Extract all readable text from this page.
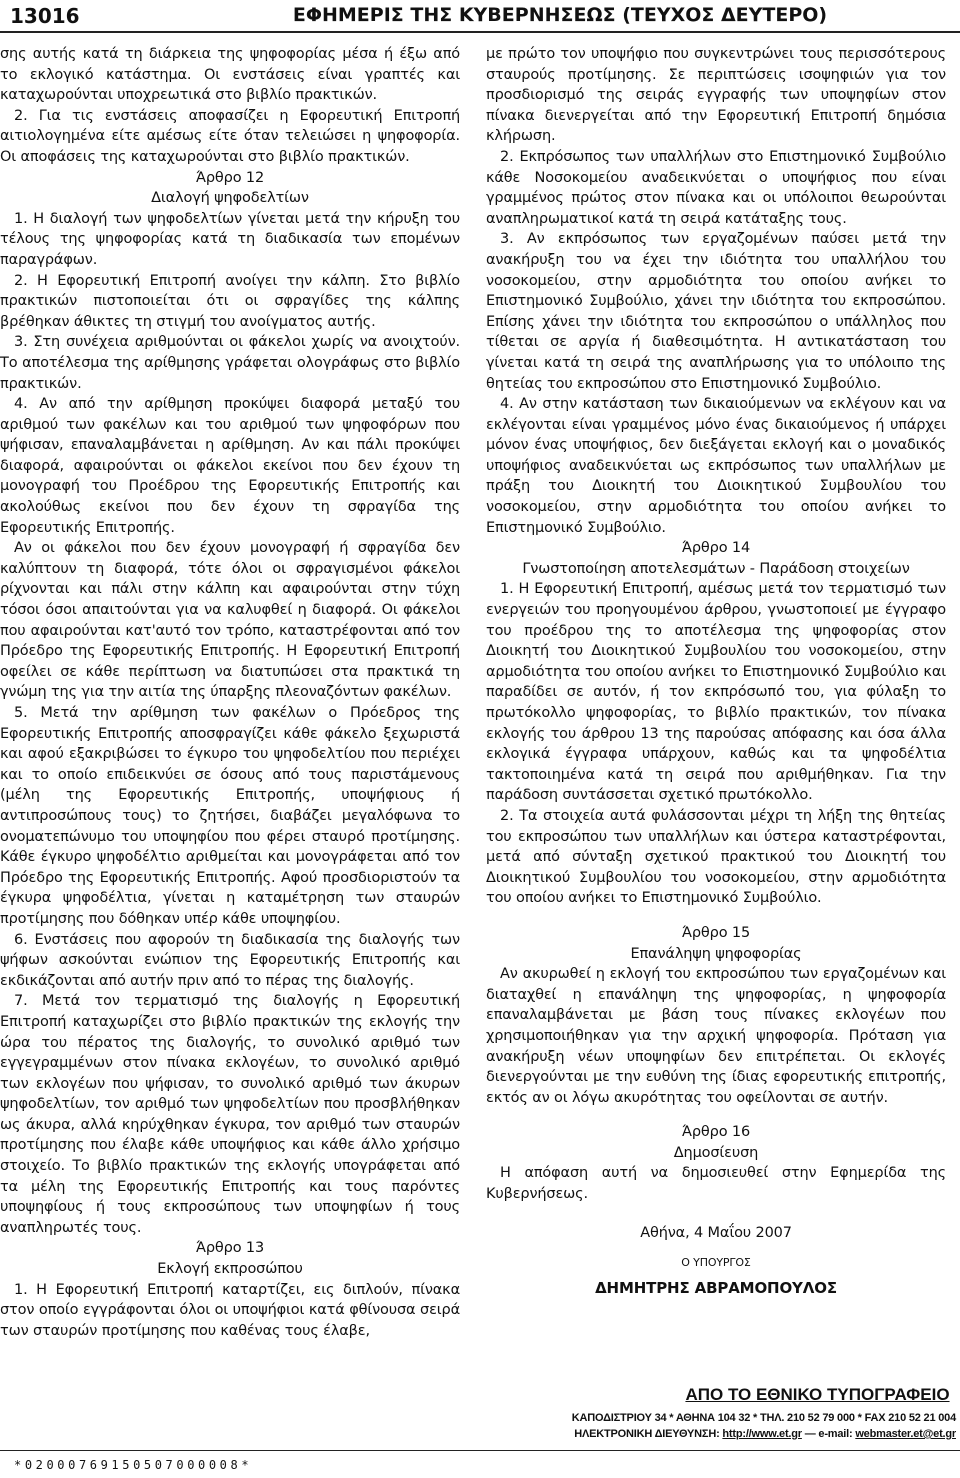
13016	ΕΦΗΜΕΡΙΣ ΤΗΣ ΚΥΒΕΡΝΗΣΕΩΣ (ΤΕΥΧΟΣ ΔΕΥΤΕΡΟ)

σης αυτής κατά τη διάρκεια της ψηφοφορίας μέσα ή έξω από το εκλογικό κατάστημα. Οι ενστάσεις είναι γραπτές και καταχωρούνται υποχρεωτικά στο βιβλίο πρακτικών.

2. Για τις ενστάσεις αποφασίζει η Εφορευτική Επιτροπή αιτιολογημένα είτε αμέσως είτε όταν τελειώσει η ψηφοφορία. Οι αποφάσεις της καταχωρούνται στο βιβλίο πρακτικών.

Άρθρο 12

Διαλογή ψηφοδελτίων

1. Η διαλογή των ψηφοδελτίων γίνεται μετά την κήρυξη του τέλους της ψηφοφορίας κατά τη διαδικασία των επομένων παραγράφων.

2. Η Εφορευτική Επιτροπή ανοίγει την κάλπη. Στο βιβλίο πρακτικών πιστοποιείται ότι οι σφραγίδες της κάλπης βρέθηκαν άθικτες τη στιγμή του ανοίγματος αυτής.

3. Στη συνέχεια αριθμούνται οι φάκελοι χωρίς να ανοιχτούν. Το αποτέλεσμα της αρίθμησης γράφεται ολογράφως στο βιβλίο πρακτικών.

4. Αν από την αρίθμηση προκύψει διαφορά μεταξύ του αριθμού των φακέλων και του αριθμού των ψηφοφόρων που ψήφισαν, επαναλαμβάνεται η αρίθμηση. Αν και πάλι προκύψει διαφορά, αφαιρούνται οι φάκελοι εκείνοι που δεν έχουν τη μονογραφή του Προέδρου της Εφορευτικής Επιτροπής και ακολούθως εκείνοι που δεν έχουν τη σφραγίδα της Εφορευτικής Επιτροπής.

Αν οι φάκελοι που δεν έχουν μονογραφή ή σφραγίδα δεν καλύπτουν τη διαφορά, τότε όλοι οι σφραγισμένοι φάκελοι ρίχνονται και πάλι στην κάλπη και αφαιρούνται στην τύχη τόσοι όσοι απαιτούνται για να καλυφθεί η διαφορά. Οι φάκελοι που αφαιρούνται κατ'αυτό τον τρόπο, καταστρέφονται από τον Πρόεδρο της Εφορευτικής Επιτροπής. Η Εφορευτική Επιτροπή οφείλει σε κάθε περίπτωση να διατυπώσει στα πρακτικά τη γνώμη της για την αιτία της ύπαρξης πλεοναζόντων φακέλων.

5. Μετά την αρίθμηση των φακέλων ο Πρόεδρος της Εφορευτικής Επιτροπής αποσφραγίζει κάθε φάκελο ξεχωριστά και αφού εξακριβώσει το έγκυρο του ψηφοδελτίου που περιέχει και το οποίο επιδεικνύει σε όσους από τους παριστάμενους (μέλη της Εφορευτικής Επιτροπής, υποψήφιους ή αντιπροσώπους τους) το ζητήσει, διαβάζει μεγαλόφωνα το ονοματεπώνυμο του υποψηφίου που φέρει σταυρό προτίμησης. Κάθε έγκυρο ψηφοδέλτιο αριθμείται και μονογράφεται από τον Πρόεδρο της Εφορευτικής Επιτροπής. Αφού προσδιοριστούν τα έγκυρα ψηφοδέλτια, γίνεται η καταμέτρηση των σταυρών προτίμησης που δόθηκαν υπέρ κάθε υποψηφίου.

6. Ενστάσεις που αφορούν τη διαδικασία της διαλογής των ψήφων ασκούνται ενώπιον της Εφορευτικής Επιτροπής και εκδικάζονται από αυτήν πριν από το πέρας της διαλογής.

7. Μετά τον τερματισμό της διαλογής η Εφορευτική Επιτροπή καταχωρίζει στο βιβλίο πρακτικών της εκλογής την ώρα του πέρατος της διαλογής, το συνολικό αριθμό των εγγεγραμμένων στον πίνακα εκλογέων, το συνολικό αριθμό των εκλογέων που ψήφισαν, το συνολικό αριθμό των άκυρων ψηφοδελτίων, τον αριθμό των ψηφοδελτίων που προσβλήθηκαν ως άκυρα, αλλά κηρύχθηκαν έγκυρα, τον αριθμό των σταυρών προτίμησης που έλαβε κάθε υποψήφιος και κάθε άλλο χρήσιμο στοιχείο. Το βιβλίο πρακτικών της εκλογής υπογράφεται από τα μέλη της Εφορευτικής Επιτροπής και τους παρόντες υποψηφίους ή τους εκπροσώπους των υποψηφίων ή τους αναπληρωτές τους.

Άρθρο 13

Εκλογή εκπροσώπου

1. Η Εφορευτική Επιτροπή καταρτίζει, εις διπλούν, πίνακα στον οποίο εγγράφονται όλοι οι υποψήφιοι κατά φθίνουσα σειρά των σταυρών προτίμησης που καθένας τους έλαβε,

με πρώτο τον υποψήφιο που συγκεντρώνει τους περισσότερους σταυρούς προτίμησης. Σε περιπτώσεις ισοψηφιών για τον προσδιορισμό της σειράς εγγραφής των υποψηφίων στον πίνακα διενεργείται από την Εφορευτική Επιτροπή δημόσια κλήρωση.

2. Εκπρόσωπος των υπαλλήλων στο Επιστημονικό Συμβούλιο κάθε Νοσοκομείου αναδεικνύεται ο υποψήφιος που είναι γραμμένος πρώτος στον πίνακα και οι υπόλοιποι θεωρούνται αναπληρωματικοί κατά τη σειρά κατάταξης τους.

3. Αν εκπρόσωπος των εργαζομένων παύσει μετά την ανακήρυξη του να έχει την ιδιότητα του υπαλλήλου του νοσοκομείου, στην αρμοδιότητα του οποίου ανήκει το Επιστημονικό Συμβούλιο, χάνει την ιδιότητα του εκπροσώπου. Επίσης χάνει την ιδιότητα του εκπροσώπου ο υπάλληλος που τίθεται σε αργία ή διαθεσιμότητα. Η αντικατάσταση του γίνεται κατά τη σειρά της αναπλήρωσης για το υπόλοιπο της θητείας του εκπροσώπου στο Επιστημονικό Συμβούλιο.

4. Αν στην κατάσταση των δικαιούμενων να εκλέγουν και να εκλέγονται είναι γραμμένος μόνο ένας δικαιούμενος ή υπάρχει μόνον ένας υποψήφιος, δεν διεξάγεται εκλογή και ο μοναδικός υποψήφιος αναδεικνύεται ως εκπρόσωπος των υπαλλήλων με πράξη του Διοικητή του Διοικητικού Συμβουλίου του νοσοκομείου, στην αρμοδιότητα του οποίου ανήκει το Επιστημονικό Συμβούλιο.

Άρθρο 14

Γνωστοποίηση αποτελεσμάτων - Παράδοση στοιχείων

1. Η Εφορευτική Επιτροπή, αμέσως μετά τον τερματισμό των ενεργειών του προηγουμένου άρθρου, γνωστοποιεί με έγγραφο του προέδρου της το αποτέλεσμα της ψηφοφορίας στον Διοικητή του Διοικητικού Συμβουλίου του νοσοκομείου, στην αρμοδιότητα του οποίου ανήκει το Επιστημονικό Συμβούλιο και παραδίδει σε αυτόν, ή τον εκπρόσωπό του, για φύλαξη το πρωτόκολλο ψηφοφορίας, το βιβλίο πρακτικών, τον πίνακα εκλογής του άρθρου 13 της παρούσας απόφασης και όσα άλλα εκλογικά έγγραφα υπάρχουν, καθώς και τα ψηφοδέλτια τακτοποιημένα κατά τη σειρά που αριθμήθηκαν. Για την παράδοση συντάσσεται σχετικό πρωτόκολλο.

2. Τα στοιχεία αυτά φυλάσσονται μέχρι τη λήξη της θητείας του εκπροσώπου των υπαλλήλων και ύστερα καταστρέφονται, μετά από σύνταξη σχετικού πρακτικού του Διοικητή του Διοικητικού Συμβουλίου του νοσοκομείου, στην αρμοδιότητα του οποίου ανήκει το Επιστημονικό Συμβούλιο.

Άρθρο 15

Επανάληψη ψηφοφορίας

Αν ακυρωθεί η εκλογή του εκπροσώπου των εργαζομένων και διαταχθεί η επανάληψη της ψηφοφορίας, η ψηφοφορία επαναλαμβάνεται με βάση τους πίνακες εκλογέων που χρησιμοποιήθηκαν για την αρχική ψηφοφορία. Πρόταση για ανακήρυξη νέων υποψηφίων δεν επιτρέπεται. Οι εκλογές διενεργούνται με την ευθύνη της ίδιας εφορευτικής επιτροπής, εκτός αν οι λόγω ακυρότητας του οφείλονται σε αυτήν.

Άρθρο 16

Δημοσίευση

Η απόφαση αυτή να δημοσιευθεί στην Εφημερίδα της Κυβερνήσεως.

Αθήνα, 4 Μαΐου 2007

Ο ΥΠΟΥΡΓΟΣ

ΔΗΜΗΤΡΗΣ ΑΒΡΑΜΟΠΟΥΛΟΣ

ΑΠΟ ΤΟ ΕΘΝΙΚΟ ΤΥΠΟΓΡΑΦΕΙΟ
ΚΑΠΟΔΙΣΤΡΙΟΥ 34 * ΑΘΗΝΑ 104 32 * ΤΗΛ. 210 52 79 000 * FAX 210 52 21 004
ΗΛΕΚΤΡΟΝΙΚΗ ΔΙΕΥΘΥΝΣΗ: http://www.et.gr — e-mail: webmaster.et@et.gr
*02000769150507000008*
